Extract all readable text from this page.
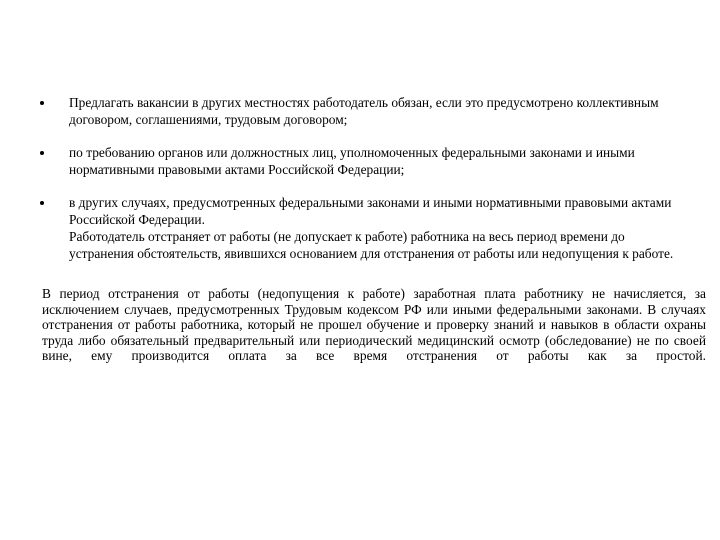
Предлагать вакансии в других местностях работодатель обязан, если это предусмотрено коллективным договором, соглашениями, трудовым договором;
по требованию органов или должностных лиц, уполномоченных федеральными законами и иными нормативными правовыми актами Российской Федерации;
в других случаях, предусмотренных федеральными законами и иными нормативными правовыми актами Российской Федерации.
Работодатель отстраняет от работы (не допускает к работе) работника на весь период времени до устранения обстоятельств, явившихся основанием для отстранения от работы или недопущения к работе.

В период отстранения от работы (недопущения к работе) заработная плата работнику не начисляется, за исключением случаев, предусмотренных Трудовым кодексом РФ или иными федеральными законами. В случаях отстранения от работы работника, который не прошел обучение и проверку знаний и навыков в области охраны труда либо обязательный предварительный или периодический медицинский осмотр (обследование) не по своей вине, ему производится оплата за все время отстранения от работы как за простой.
